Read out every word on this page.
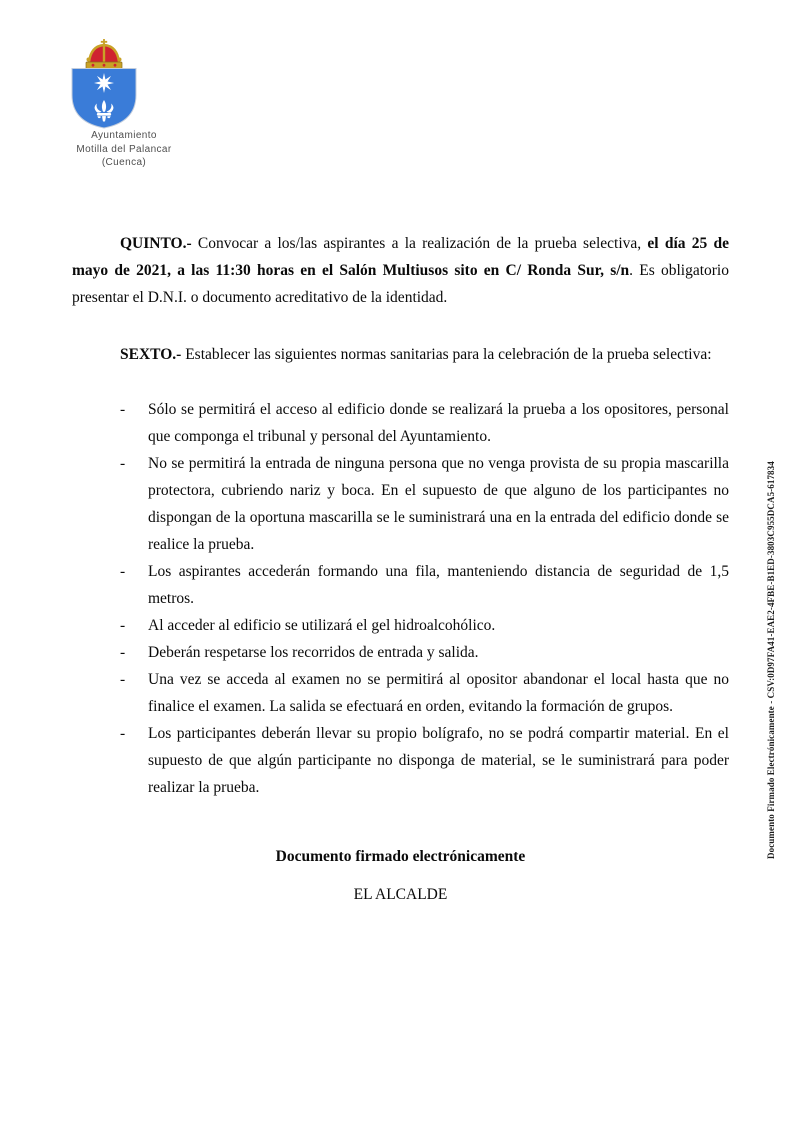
Ayuntamiento
Motilla del Palancar
(Cuenca)

QUINTO.- Convocar a los/las aspirantes a la realización de la prueba selectiva, el día 25 de mayo de 2021, a las 11:30 horas en el Salón Multiusos sito en C/ Ronda Sur, s/n. Es obligatorio presentar el D.N.I. o documento acreditativo de la identidad.

SEXTO.- Establecer las siguientes normas sanitarias para la celebración de la prueba selectiva:

-	Sólo se permitirá el acceso al edificio donde se realizará la prueba a los opositores, personal que componga el tribunal y personal del Ayuntamiento.
-	No se permitirá la entrada de ninguna persona que no venga provista de su propia mascarilla protectora, cubriendo nariz y boca. En el supuesto de que alguno de los participantes no dispongan de la oportuna mascarilla se le suministrará una en la entrada del edificio donde se realice la prueba.
-	Los aspirantes accederán formando una fila, manteniendo distancia de seguridad de 1,5 metros.
-	Al acceder al edificio se utilizará el gel hidroalcohólico.
-	Deberán respetarse los recorridos de entrada y salida.
-	Una vez se acceda al examen no se permitirá al opositor abandonar el local hasta que no finalice el examen. La salida se efectuará en orden, evitando la formación de grupos.
-	Los participantes deberán llevar su propio bolígrafo, no se podrá compartir material. En el supuesto de que algún participante no disponga de material, se le suministrará para poder realizar la prueba.

Documento firmado electrónicamente

EL ALCALDE

Documento Firmado Electrónicamente - CSV:0D97FA41-EAE2-4FBE-B1ED-3803C955DCA5-617834
